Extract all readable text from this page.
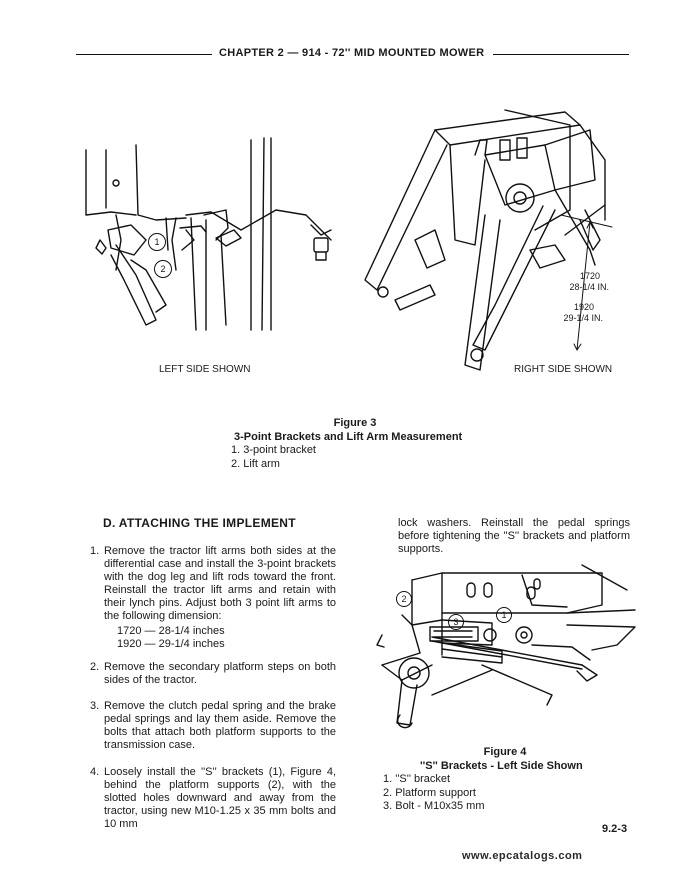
CHAPTER 2 — 914 - 72'' MID MOUNTED MOWER
1
2
1720
28-1/4 IN.
1920
29-1/4 IN.
LEFT SIDE SHOWN	RIGHT SIDE SHOWN
Figure 3
3-Point Brackets and Lift Arm Measurement
1. 3-point bracket
2. Lift arm
D. ATTACHING THE IMPLEMENT
1. Remove the tractor lift arms both sides at the differential case and install the 3-point brackets with the dog leg and lift rods toward the front. Reinstall the tractor lift arms and retain with their lynch pins. Adjust both 3 point lift arms to the following dimension:
1720 — 28-1/4 inches
1920 — 29-1/4 inches
2. Remove the secondary platform steps on both sides of the tractor.
3. Remove the clutch pedal spring and the brake pedal springs and lay them aside. Remove the bolts that attach both platform supports to the transmission case.
4. Loosely install the ''S'' brackets (1), Figure 4, behind the platform supports (2), with the slotted holes downward and away from the tractor, using new M10-1.25 x 35 mm bolts and 10 mm
lock washers. Reinstall the pedal springs before tightening the ''S'' brackets and platform supports.
2
3
1
Figure 4
''S'' Brackets - Left Side Shown
1. ''S'' bracket
2. Platform support
3. Bolt - M10x35 mm
9.2-3
www.epcatalogs.com
